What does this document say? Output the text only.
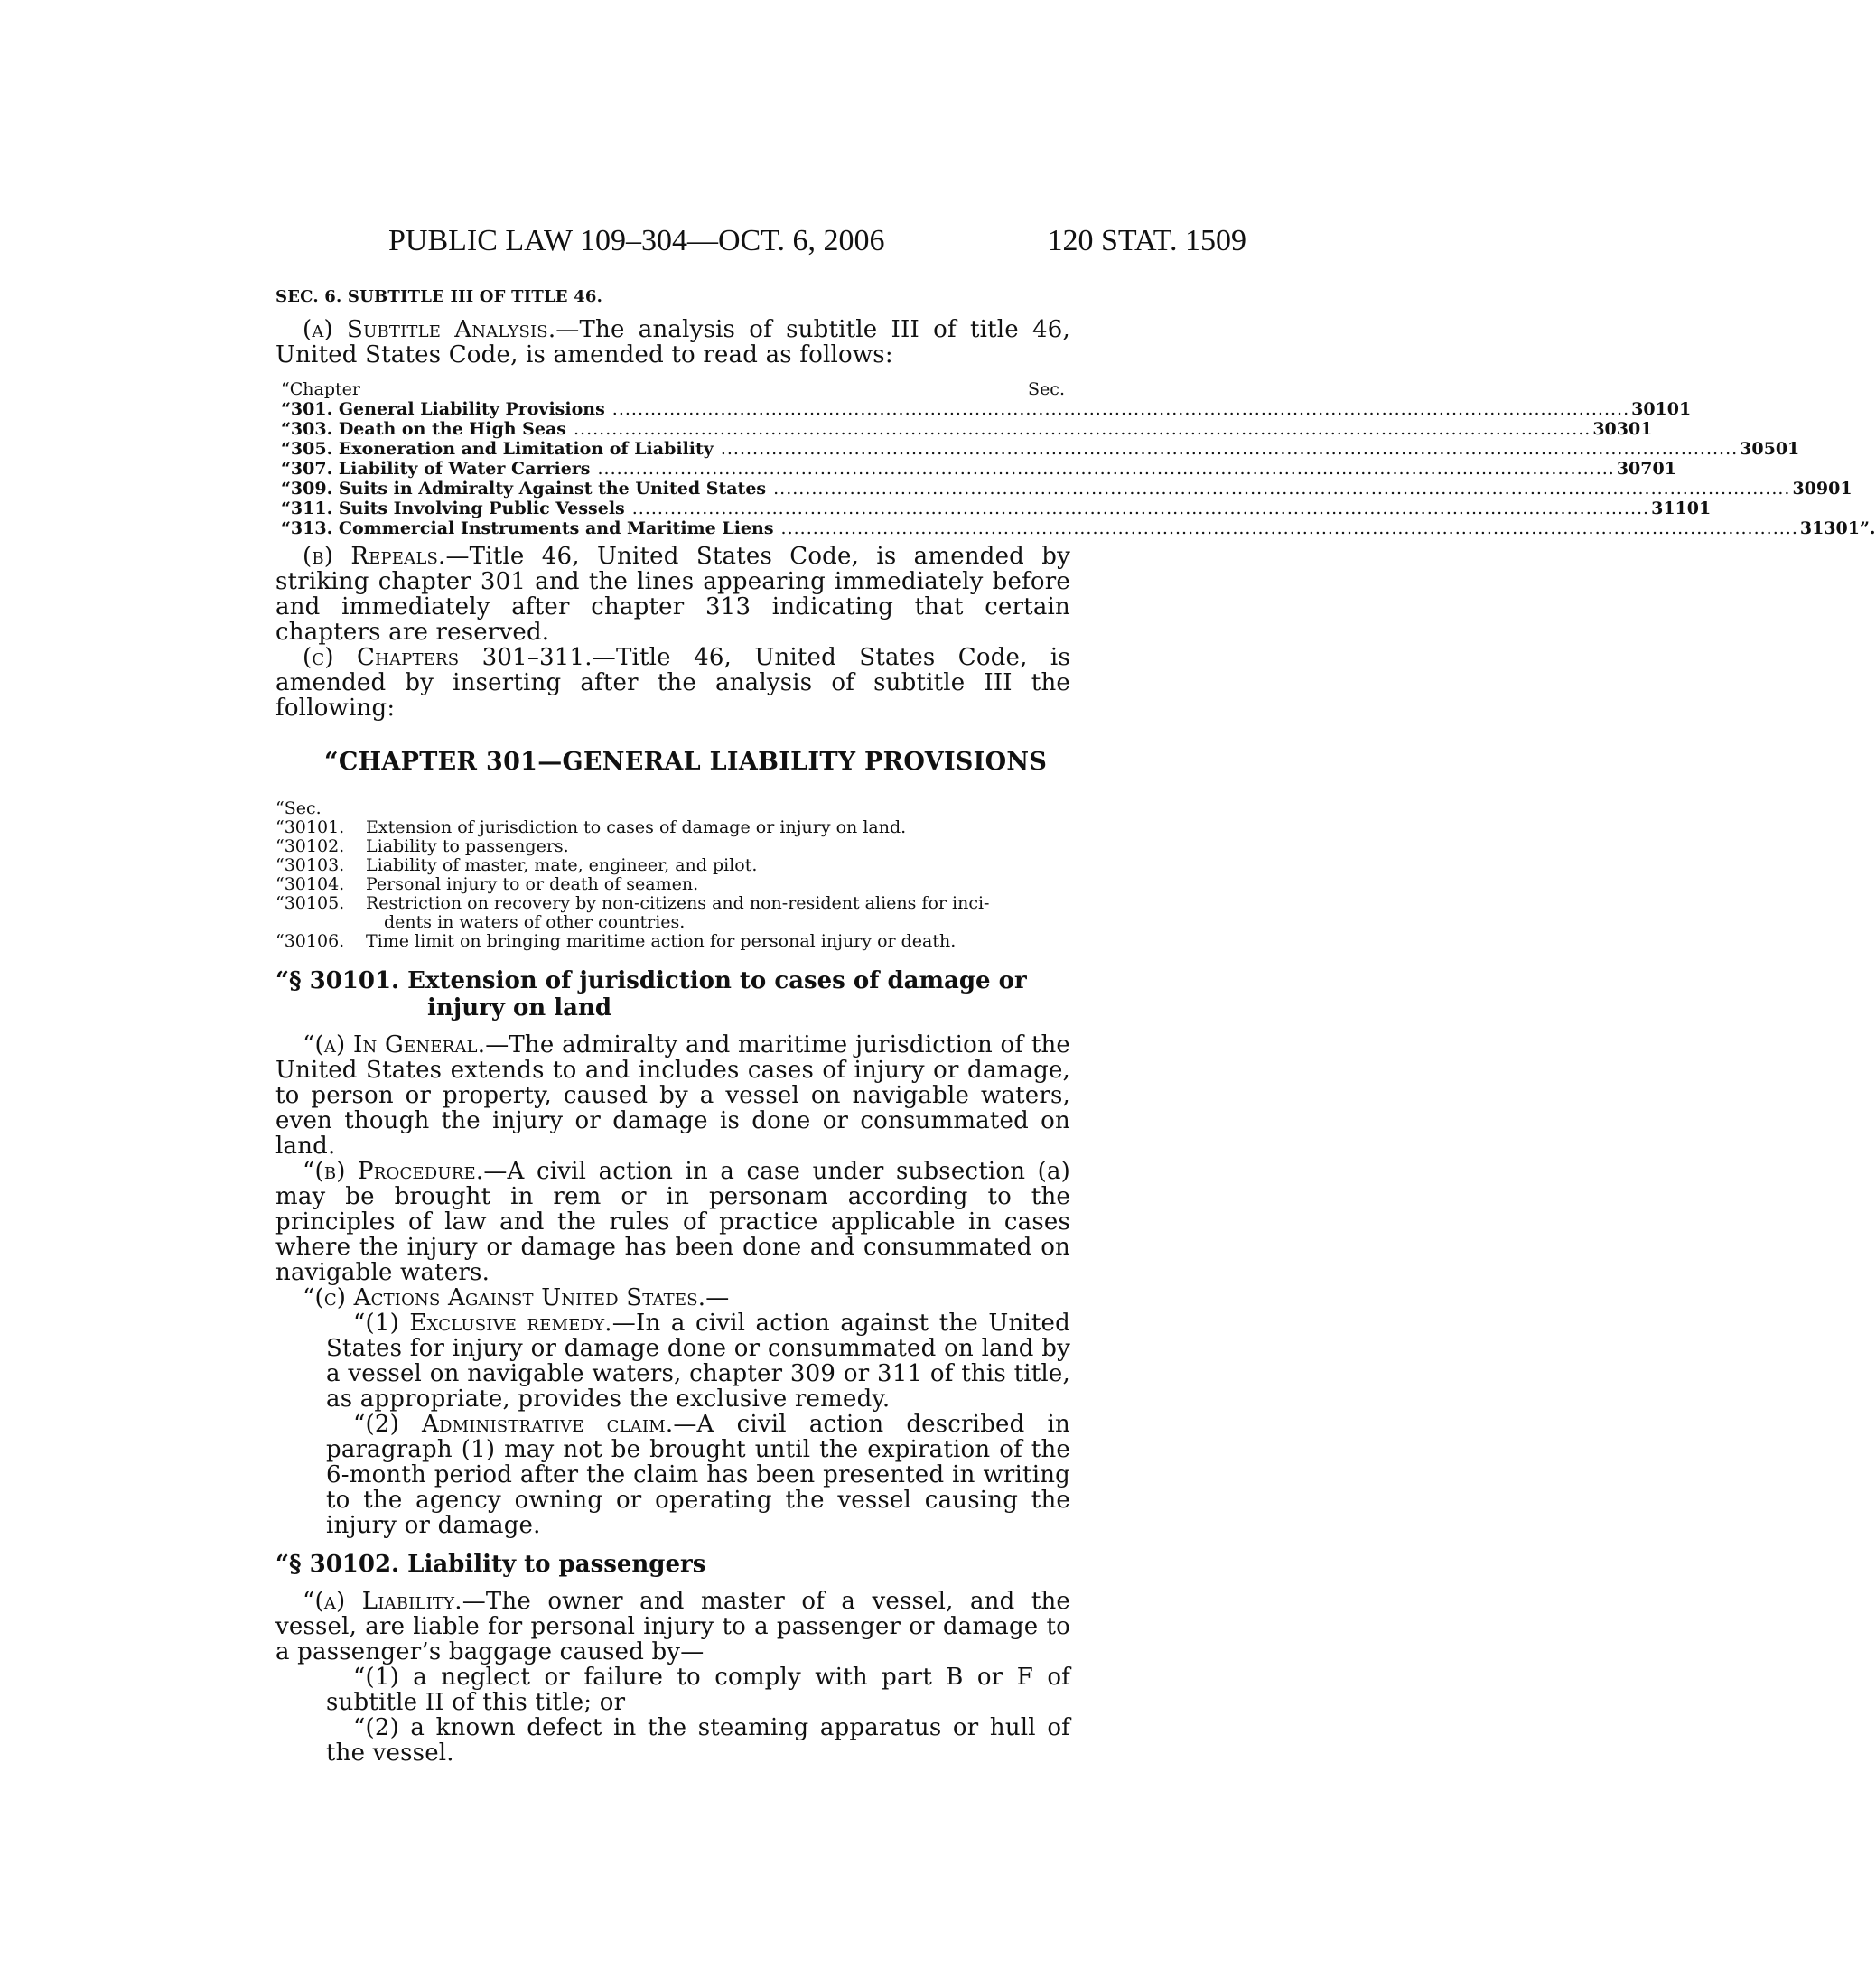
PUBLIC LAW 109–304—OCT. 6, 2006	120 STAT. 1509
SEC. 6. SUBTITLE III OF TITLE 46.

(a) Subtitle Analysis.—The analysis of subtitle III of title 46, United States Code, is amended to read as follows:

“Chapter	Sec.
“301. General Liability Provisions ................................................................................................................................................................ 30101
“303. Death on the High Seas ................................................................................................................................................................ 30301
“305. Exoneration and Limitation of Liability ................................................................................................................................................................ 30501
“307. Liability of Water Carriers ................................................................................................................................................................ 30701
“309. Suits in Admiralty Against the United States ................................................................................................................................................................ 30901
“311. Suits Involving Public Vessels ................................................................................................................................................................ 31101
“313. Commercial Instruments and Maritime Liens ................................................................................................................................................................ 31301”.

(b) Repeals.—Title 46, United States Code, is amended by striking chapter 301 and the lines appearing immediately before and immediately after chapter 313 indicating that certain chapters are reserved.

(c) Chapters 301–311.—Title 46, United States Code, is amended by inserting after the analysis of subtitle III the following:

“CHAPTER 301—GENERAL LIABILITY PROVISIONS
“Sec.
“30101.	Extension of jurisdiction to cases of damage or injury on land.
“30102.	Liability to passengers.
“30103.	Liability of master, mate, engineer, and pilot.
“30104.	Personal injury to or death of seamen.
“30105.	Restriction on recovery by non-citizens and non-resident aliens for inci-
dents in waters of other countries.
“30106.	Time limit on bringing maritime action for personal injury or death.
“§ 30101. Extension of jurisdiction to cases of damage or
injury on land

“(a) In General.—The admiralty and maritime jurisdiction of the United States extends to and includes cases of injury or damage, to person or property, caused by a vessel on navigable waters, even though the injury or damage is done or consummated on land.

“(b) Procedure.—A civil action in a case under subsection (a) may be brought in rem or in personam according to the principles of law and the rules of practice applicable in cases where the injury or damage has been done and consummated on navigable waters.

“(c) Actions Against United States.—

“(1) Exclusive remedy.—In a civil action against the United States for injury or damage done or consummated on land by a vessel on navigable waters, chapter 309 or 311 of this title, as appropriate, provides the exclusive remedy.

“(2) Administrative claim.—A civil action described in paragraph (1) may not be brought until the expiration of the 6-month period after the claim has been presented in writing to the agency owning or operating the vessel causing the injury or damage.

“§ 30102. Liability to passengers

“(a) Liability.—The owner and master of a vessel, and the vessel, are liable for personal injury to a passenger or damage to a passenger’s baggage caused by—

“(1) a neglect or failure to comply with part B or F of subtitle II of this title; or

“(2) a known defect in the steaming apparatus or hull of the vessel.
